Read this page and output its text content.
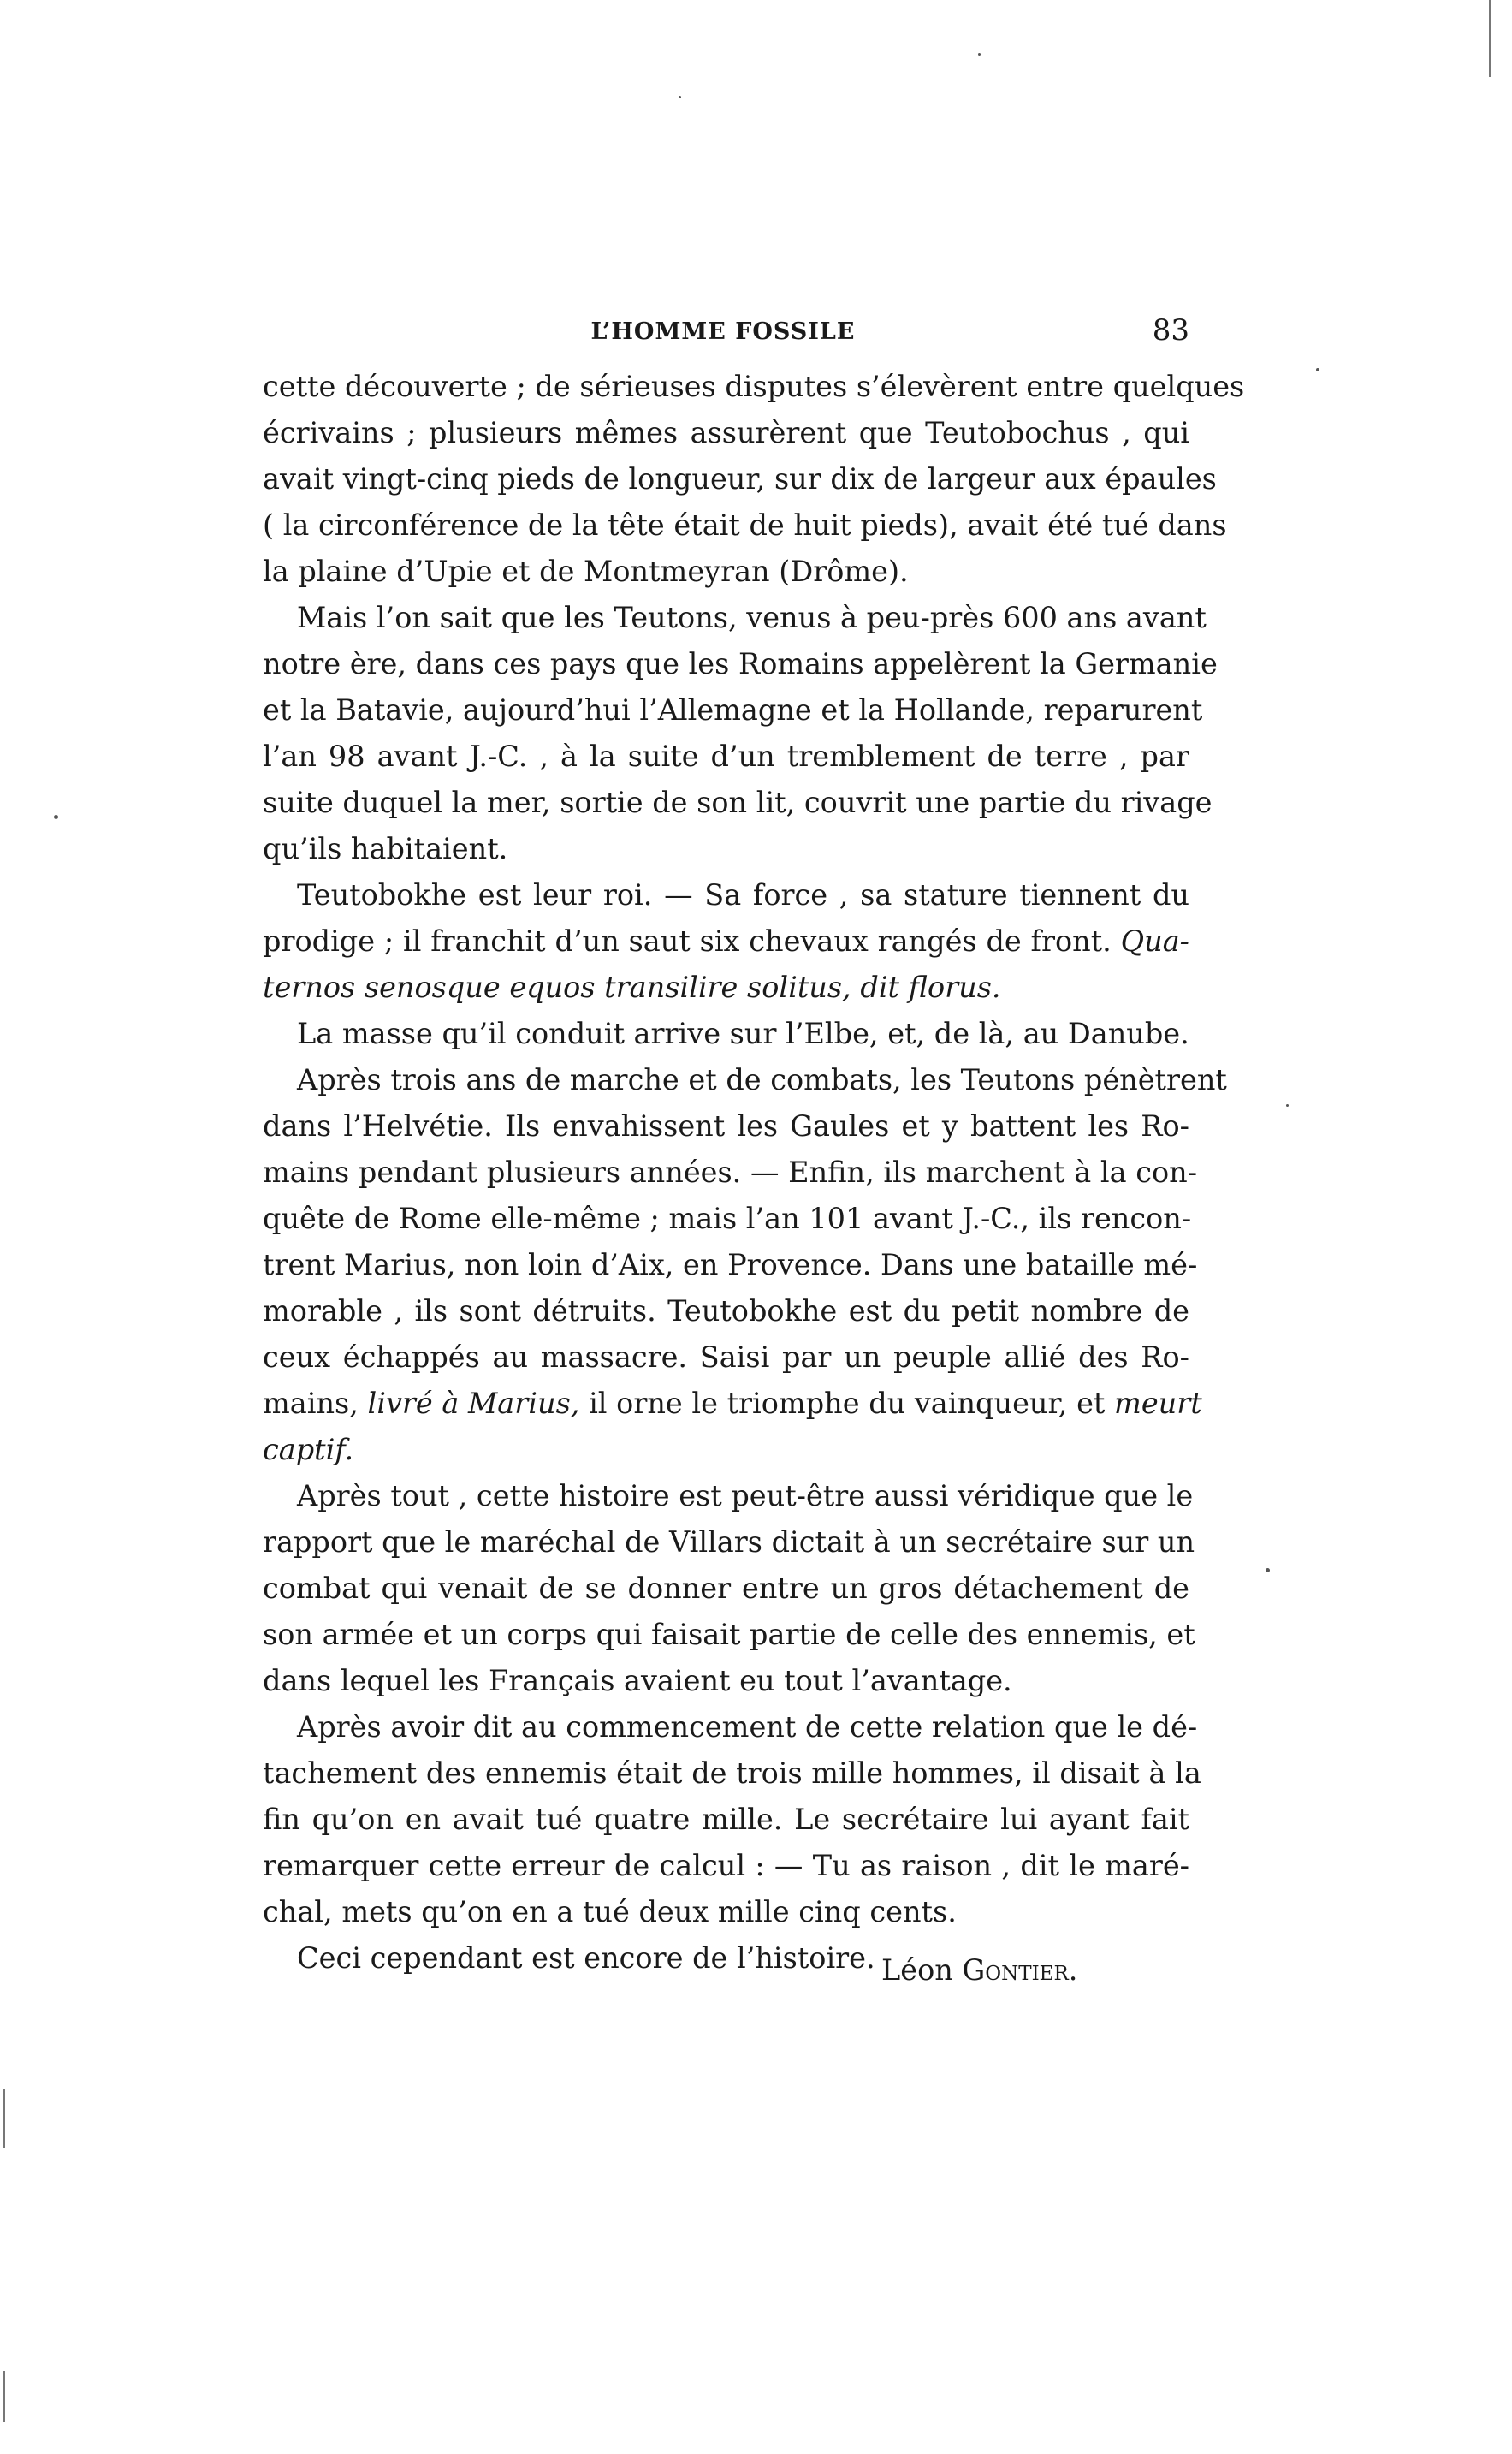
L’HOMME FOSSILE	83
cette découverte ; de sérieuses disputes s’élevèrent entre quelques
écrivains ; plusieurs mêmes assurèrent que Teutobochus , qui
avait vingt-cinq pieds de longueur, sur dix de largeur aux épaules
( la circonférence de la tête était de huit pieds), avait été tué dans
la plaine d’Upie et de Montmeyran (Drôme).
Mais l’on sait que les Teutons, venus à peu-près 600 ans avant
notre ère, dans ces pays que les Romains appelèrent la Germanie
et la Batavie, aujourd’hui l’Allemagne et la Hollande, reparurent
l’an 98 avant J.-C. , à la suite d’un tremblement de terre , par
suite duquel la mer, sortie de son lit, couvrit une partie du rivage
qu’ils habitaient.
Teutobokhe est leur roi. — Sa force , sa stature tiennent du
prodige ; il franchit d’un saut six chevaux rangés de front. Qua-
ternos senosque equos transilire solitus, dit florus.
La masse qu’il conduit arrive sur l’Elbe, et, de là, au Danube.
Après trois ans de marche et de combats, les Teutons pénètrent
dans l’Helvétie. Ils envahissent les Gaules et y battent les Ro-
mains pendant plusieurs années. — Enfin, ils marchent à la con-
quête de Rome elle-même ; mais l’an 101 avant J.-C., ils rencon-
trent Marius, non loin d’Aix, en Provence. Dans une bataille mé-
morable , ils sont détruits. Teutobokhe est du petit nombre de
ceux échappés au massacre. Saisi par un peuple allié des Ro-
mains, livré à Marius, il orne le triomphe du vainqueur, et meurt
captif.
Après tout , cette histoire est peut-être aussi véridique que le
rapport que le maréchal de Villars dictait à un secrétaire sur un
combat qui venait de se donner entre un gros détachement de
son armée et un corps qui faisait partie de celle des ennemis, et
dans lequel les Français avaient eu tout l’avantage.
Après avoir dit au commencement de cette relation que le dé-
tachement des ennemis était de trois mille hommes, il disait à la
fin qu’on en avait tué quatre mille. Le secrétaire lui ayant fait
remarquer cette erreur de calcul : — Tu as raison , dit le maré-
chal, mets qu’on en a tué deux mille cinq cents.
Ceci cependant est encore de l’histoire. Léon Gontier.
